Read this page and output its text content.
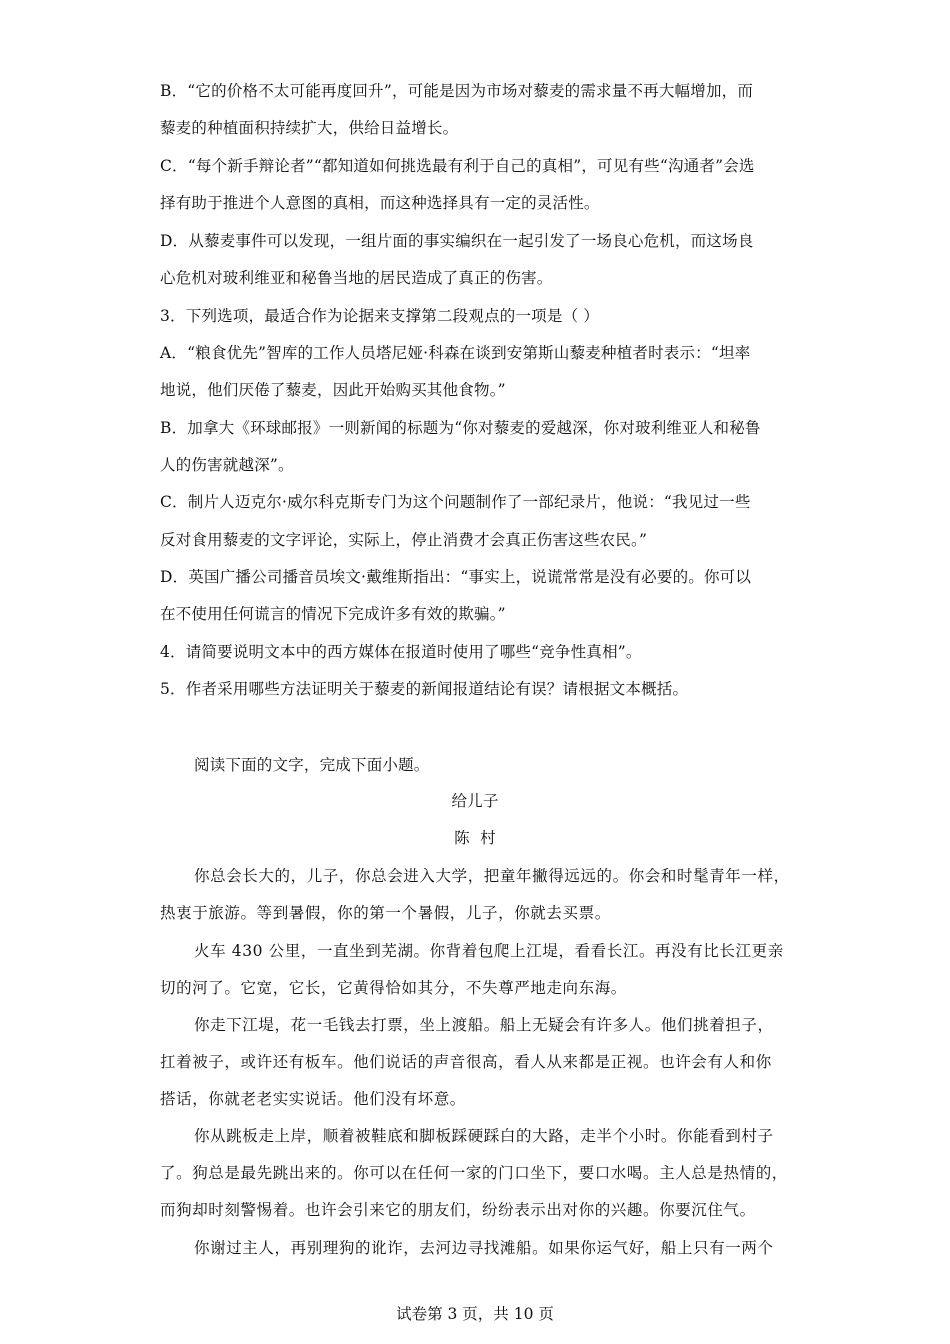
B．“它的价格不太可能再度回升”，可能是因为市场对藜麦的需求量不再大幅增加，而
藜麦的种植面积持续扩大，供给日益增长。
C．“每个新手辩论者”“都知道如何挑选最有利于自己的真相”，可见有些“沟通者”会选
择有助于推进个人意图的真相，而这种选择具有一定的灵活性。
D．从藜麦事件可以发现，一组片面的事实编织在一起引发了一场良心危机，而这场良
心危机对玻利维亚和秘鲁当地的居民造成了真正的伤害。
3．下列选项，最适合作为论据来支撑第二段观点的一项是（ ）
A．“粮食优先”智库的工作人员塔尼娅·科森在谈到安第斯山藜麦种植者时表示：“坦率
地说，他们厌倦了藜麦，因此开始购买其他食物。”
B．加拿大《环球邮报》一则新闻的标题为“你对藜麦的爱越深，你对玻利维亚人和秘鲁
人的伤害就越深”。
C．制片人迈克尔·威尔科克斯专门为这个问题制作了一部纪录片，他说：“我见过一些
反对食用藜麦的文字评论，实际上，停止消费才会真正伤害这些农民。”
D．英国广播公司播音员埃文·戴维斯指出：“事实上，说谎常常是没有必要的。你可以
在不使用任何谎言的情况下完成许多有效的欺骗。”
4．请简要说明文本中的西方媒体在报道时使用了哪些“竞争性真相”。
5．作者采用哪些方法证明关于藜麦的新闻报道结论有误？请根据文本概括。
阅读下面的文字，完成下面小题。
给儿子
陈  村
你总会长大的，儿子，你总会进入大学，把童年撇得远远的。你会和时髦青年一样，
热衷于旅游。等到暑假，你的第一个暑假，儿子，你就去买票。
火车 430 公里，一直坐到芜湖。你背着包爬上江堤，看看长江。再没有比长江更亲
切的河了。它宽，它长，它黄得恰如其分，不失尊严地走向东海。
你走下江堤，花一毛钱去打票，坐上渡船。船上无疑会有许多人。他们挑着担子，
扛着被子，或许还有板车。他们说话的声音很高，看人从来都是正视。也许会有人和你
搭话，你就老老实实说话。他们没有坏意。
你从跳板走上岸，顺着被鞋底和脚板踩硬踩白的大路，走半个小时。你能看到村子
了。狗总是最先跳出来的。你可以在任何一家的门口坐下，要口水喝。主人总是热情的，
而狗却时刻警惕着。也许会引来它的朋友们，纷纷表示出对你的兴趣。你要沉住气。
你谢过主人，再别理狗的讹诈，去河边寻找滩船。如果你运气好，船上只有一两个
试卷第 3 页，共 10 页
